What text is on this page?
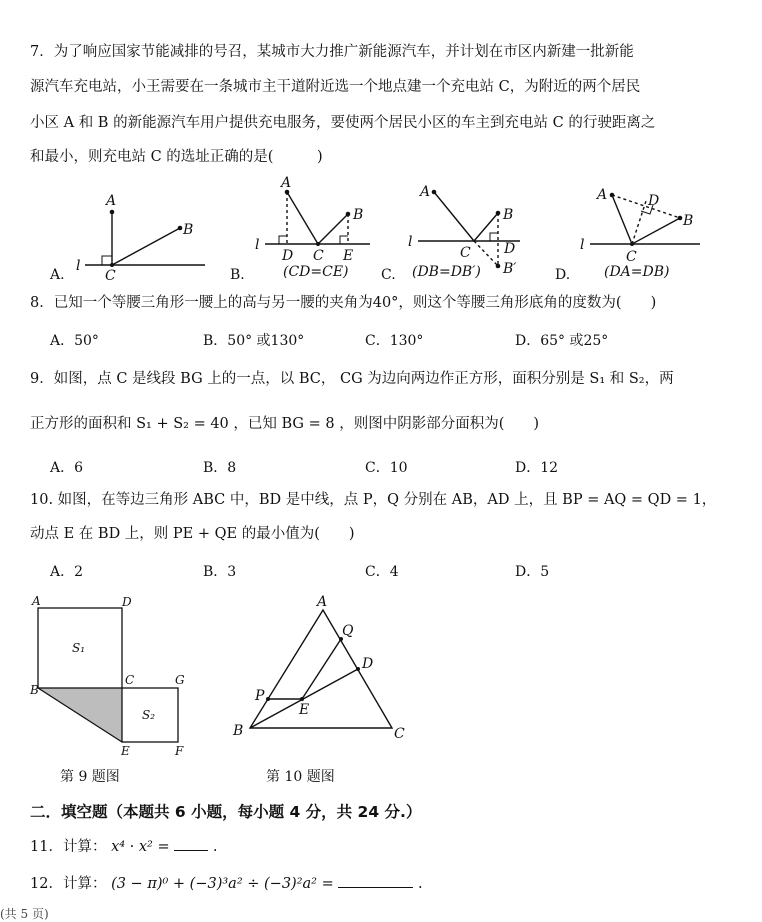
7．为了响应国家节能减排的号召，某城市大力推广新能源汽车，并计划在市区内新建一批新能
源汽车充电站，小王需要在一条城市主干道附近选一个地点建一个充电站 C，为附近的两个居民
小区 A 和 B 的新能源汽车用户提供充电服务，要使两个居民小区的车主到充电站 C 的行驶距离之
和最小，则充电站 C 的选址正确的是(　　　)
A
B
C
l
A
B
D C E
l
A
B
C D
B′
l
A	D
B
C
l
A.	B.	(CD=CE) C. (DB=DB′)	D. (DA=DB)
8．已知一个等腰三角形一腰上的高与另一腰的夹角为40°，则这个等腰三角形底角的度数为(　　)
A．50°	B．50° 或130°	C．130°	D．65° 或25°
9．如图，点 C 是线段 BG 上的一点，以 BC， CG 为边向两边作正方形，面积分别是 S₁ 和 S₂，两
正方形的面积和 S₁ + S₂ = 40 ，已知 BG = 8 ，则图中阴影部分面积为(　　)
A．6	B．8	C．10	D．12
10. 如图，在等边三角形 ABC 中，BD 是中线，点 P，Q 分别在 AB，AD 上，且 BP = AQ = QD = 1，
动点 E 在 BD 上，则 PE + QE 的最小值为(　　)
A．2	B．3	C．4	D．5
A	D
S₁
B
C	G
S₂
E	F
A
Q
D
P
E
B	C
第 9 题图	第 10 题图
二．填空题（本题共 6 小题，每小题 4 分，共 24 分.）
11．计算： x⁴ · x² =	.
12．计算： (3 − π)⁰ + (−3)³a² ÷ (−3)²a² =	.
(共 5 页)
